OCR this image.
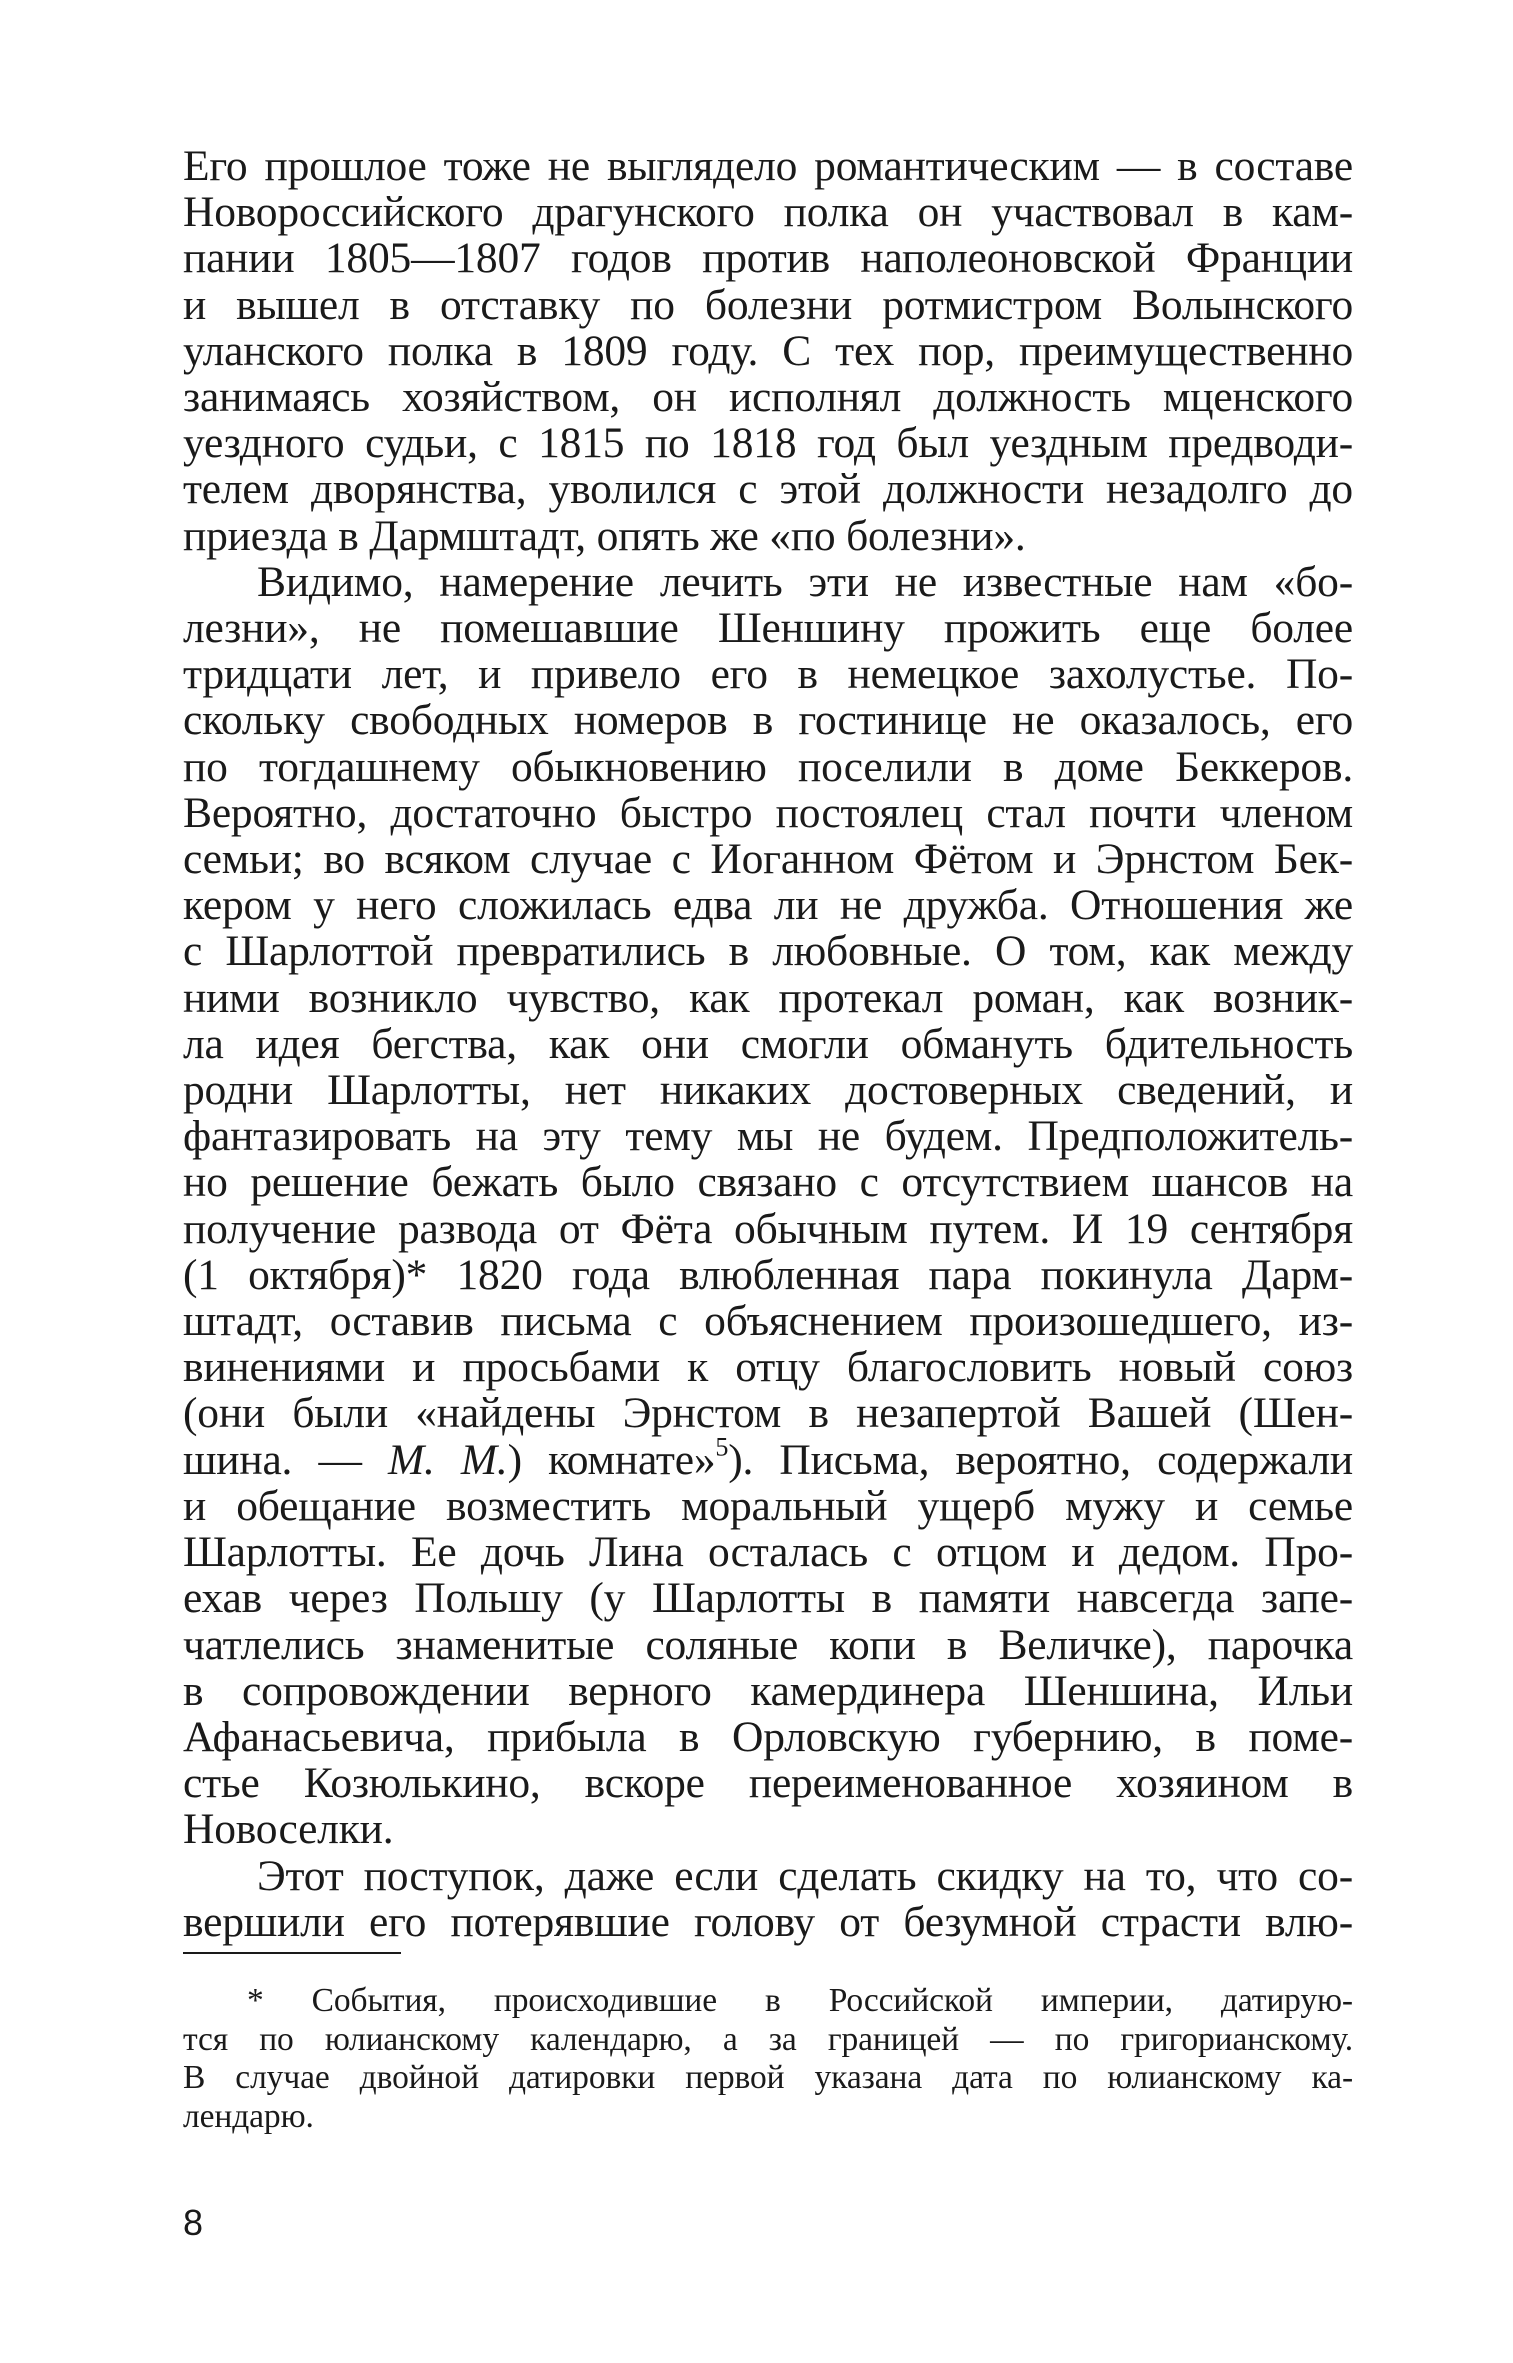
Его прошлое тоже не выглядело романтическим — в составе
Новороссийского драгунского полка он участвовал в кам-
пании 1805—1807 годов против наполеоновской Франции
и вышел в отставку по болезни ротмистром Волынского
уланского полка в 1809 году. С тех пор, преимущественно
занимаясь хозяйством, он исполнял должность мценского
уездного судьи, с 1815 по 1818 год был уездным предводи-
телем дворянства, уволился с этой должности незадолго до
приезда в Дармштадт, опять же «по болезни».

Видимо, намерение лечить эти не известные нам «бо-
лезни», не помешавшие Шеншину прожить еще более
тридцати лет, и привело его в немецкое захолустье. По-
скольку свободных номеров в гостинице не оказалось, его
по тогдашнему обыкновению поселили в доме Беккеров.
Вероятно, достаточно быстро постоялец стал почти членом
семьи; во всяком случае с Иоганном Фётом и Эрнстом Бек-
кером у него сложилась едва ли не дружба. Отношения же
с Шарлоттой превратились в любовные. О том, как между
ними возникло чувство, как протекал роман, как возник-
ла идея бегства, как они смогли обмануть бдительность
родни Шарлотты, нет никаких достоверных сведений, и
фантазировать на эту тему мы не будем. Предположитель-
но решение бежать было связано с отсутствием шансов на
получение развода от Фёта обычным путем. И 19 сентября
(1 октября)* 1820 года влюбленная пара покинула Дарм-
штадт, оставив письма с объяснением произошедшего, из-
винениями и просьбами к отцу благословить новый союз
(они были «найдены Эрнстом в незапертой Вашей (Шен-
шина. — М. М.) комнате»$^5$). Письма, вероятно, содержали
и обещание возместить моральный ущерб мужу и семье
Шарлотты. Ее дочь Лина осталась с отцом и дедом. Про-
ехав через Польшу (у Шарлотты в памяти навсегда запе-
чатлелись знаменитые соляные копи в Величке), парочка
в сопровождении верного камердинера Шеншина, Ильи
Афанасьевича, прибыла в Орловскую губернию, в поме-
стье Козюлькино, вскоре переименованное хозяином в
Новоселки.

Этот поступок, даже если сделать скидку на то, что со-
вершили его потерявшие голову от безумной страсти влю-

* События, происходившие в Российской империи, датирую-
тся по юлианскому календарю, а за границей — по григорианскому.
В случае двойной датировки первой указана дата по юлианскому ка-
лендарю.
8
